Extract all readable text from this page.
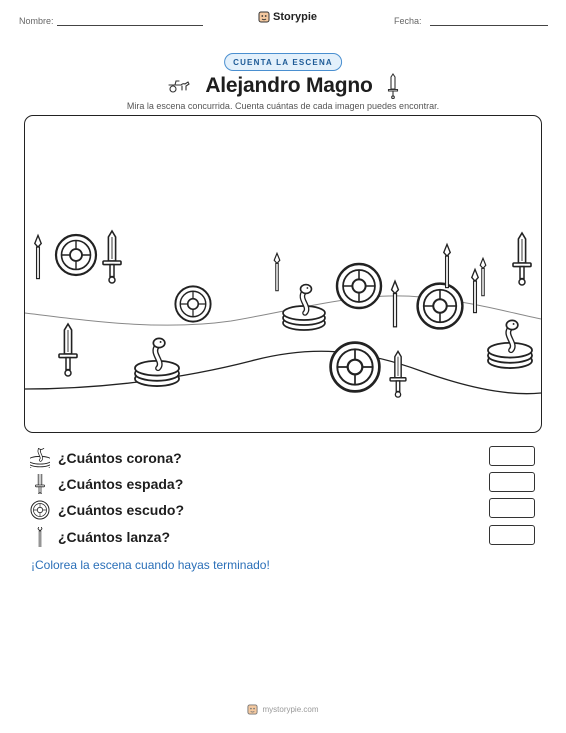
Nombre:	Storypie	Fecha:
CUENTA LA ESCENA
Alejandro Magno
Mira la escena concurrida. Cuenta cuántas de cada imagen puedes encontrar.
¿Cuántos corona?
¿Cuántos espada?
¿Cuántos escudo?
¿Cuántos lanza?
¡Colorea la escena cuando hayas terminado!
mystorypie.com
